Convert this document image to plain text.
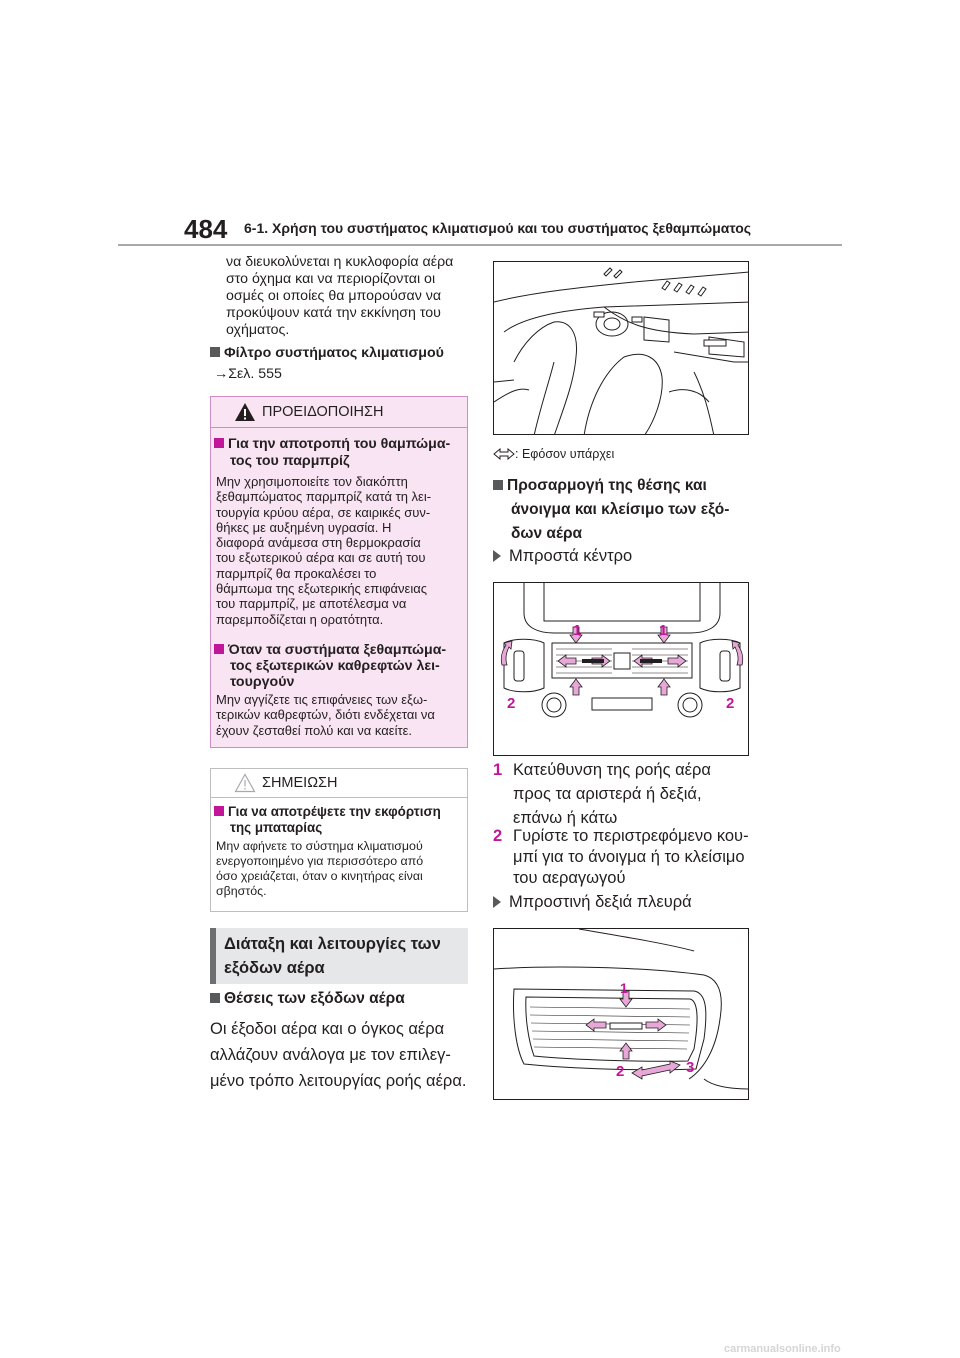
484 6-1. Χρήση του συστήματος κλιματισμού και του συστήματος ξεθαμπώματος
να διευκολύνεται η κυκλοφορία αέρα
στο όχημα και να περιορίζονται οι
οσμές οι οποίες θα μπορούσαν να
προκύψουν κατά την εκκίνηση του
οχήματος.
Φίλτρο συστήματος κλιματισμού
→Σελ. 555
ΠΡΟΕΙΔΟΠΟΙΗΣΗ
Για την αποτροπή του θαμπώμα-
τος του παρμπρίζ
Μην χρησιμοποιείτε τον διακόπτη
ξεθαμπώματος παρμπρίζ κατά τη λει-
τουργία κρύου αέρα, σε καιρικές συν-
θήκες με αυξημένη υγρασία. Η
διαφορά ανάμεσα στη θερμοκρασία
του εξωτερικού αέρα και σε αυτή του
παρμπρίζ θα προκαλέσει το
θάμπωμα της εξωτερικής επιφάνειας
του παρμπρίζ, με αποτέλεσμα να
παρεμποδίζεται η ορατότητα.
Όταν τα συστήματα ξεθαμπώμα-
τος εξωτερικών καθρεφτών λει-
τουργούν
Μην αγγίζετε τις επιφάνειες των εξω-
τερικών καθρεφτών, διότι ενδέχεται να
έχουν ζεσταθεί πολύ και να καείτε.
ΣΗΜΕΙΩΣΗ
Για να αποτρέψετε την εκφόρτιση
της μπαταρίας
Μην αφήνετε το σύστημα κλιματισμού
ενεργοποιημένο για περισσότερο από
όσο χρειάζεται, όταν ο κινητήρας είναι
σβηστός.
Διάταξη και λειτουργίες των
εξόδων αέρα
Θέσεις των εξόδων αέρα
Οι έξοδοι αέρα και ο όγκος αέρα
αλλάζουν ανάλογα με τον επιλεγ-
μένο τρόπο λειτουργίας ροής αέρα.
: Εφόσον υπάρχει
Προσαρμογή της θέσης και
άνοιγμα και κλείσιμο των εξό-
δων αέρα
Μπροστά κέντρο
1	1
2	2
1 Κατεύθυνση της ροής αέρα
προς τα αριστερά ή δεξιά,
επάνω ή κάτω
2 Γυρίστε το περιστρεφόμενο κου-
μπί για το άνοιγμα ή το κλείσιμο
του αεραγωγού
Μπροστινή δεξιά πλευρά
1
2	3
carmanualsonline.info
